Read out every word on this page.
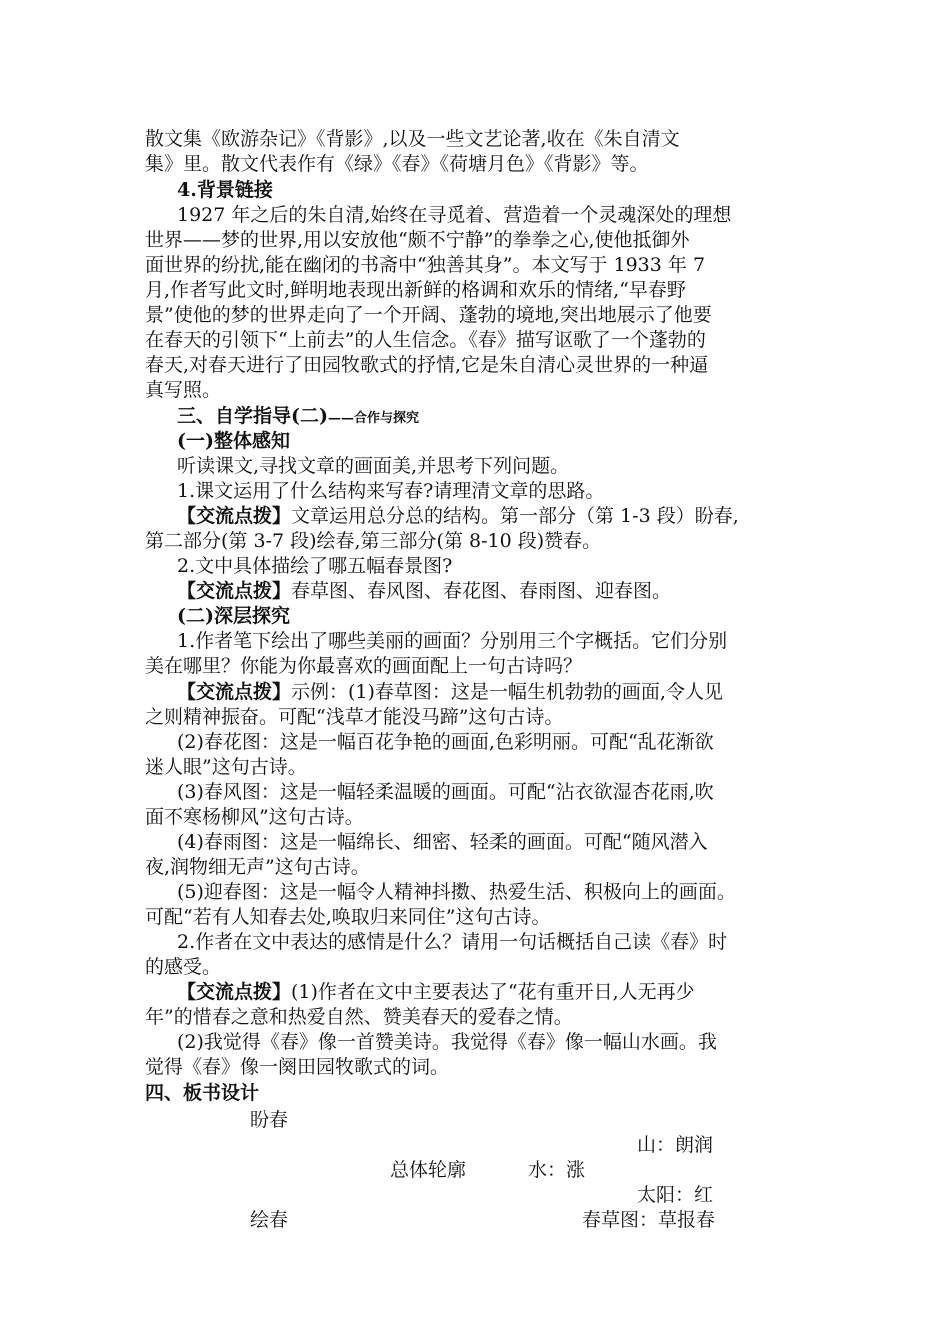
散文集《欧游杂记》《背影》,以及一些文艺论著,收在《朱自清文
集》里。散文代表作有《绿》《春》《荷塘月色》《背影》等。
4.背景链接
1927 年之后的朱自清,始终在寻觅着、营造着一个灵魂深处的理想
世界——梦的世界,用以安放他“颇不宁静”的拳拳之心,使他抵御外
面世界的纷扰,能在幽闭的书斋中“独善其身”。本文写于 1933 年 7
月,作者写此文时,鲜明地表现出新鲜的格调和欢乐的情绪,“早春野
景”使他的梦的世界走向了一个开阔、蓬勃的境地,突出地展示了他要
在春天的引领下“上前去”的人生信念。《春》描写讴歌了一个蓬勃的
春天,对春天进行了田园牧歌式的抒情,它是朱自清心灵世界的一种逼
真写照。
三、自学指导(二)——合作与探究
(一)整体感知
听读课文,寻找文章的画面美,并思考下列问题。
1.课文运用了什么结构来写春?请理清文章的思路。
【交流点拨】文章运用总分总的结构。第一部分（第 1-3 段）盼春,
第二部分(第 3-7 段)绘春,第三部分(第 8-10 段)赞春。
2.文中具体描绘了哪五幅春景图?
【交流点拨】春草图、春风图、春花图、春雨图、迎春图。
(二)深层探究
1.作者笔下绘出了哪些美丽的画面？分别用三个字概括。它们分别
美在哪里？你能为你最喜欢的画面配上一句古诗吗？
【交流点拨】示例：(1)春草图：这是一幅生机勃勃的画面,令人见
之则精神振奋。可配“浅草才能没马蹄”这句古诗。
(2)春花图：这是一幅百花争艳的画面,色彩明丽。可配“乱花渐欲
迷人眼”这句古诗。
(3)春风图：这是一幅轻柔温暖的画面。可配“沾衣欲湿杏花雨,吹
面不寒杨柳风”这句古诗。
(4)春雨图：这是一幅绵长、细密、轻柔的画面。可配“随风潜入
夜,润物细无声”这句古诗。
(5)迎春图：这是一幅令人精神抖擞、热爱生活、积极向上的画面。
可配“若有人知春去处,唤取归来同住”这句古诗。
2.作者在文中表达的感情是什么？请用一句话概括自己读《春》时
的感受。
【交流点拨】(1)作者在文中主要表达了“花有重开日,人无再少
年”的惜春之意和热爱自然、赞美春天的爱春之情。
(2)我觉得《春》像一首赞美诗。我觉得《春》像一幅山水画。我
觉得《春》像一阕田园牧歌式的词。
四、板书设计
盼春
山：朗润
总体轮廓	水：涨
太阳：红
绘春	春草图：草报春
